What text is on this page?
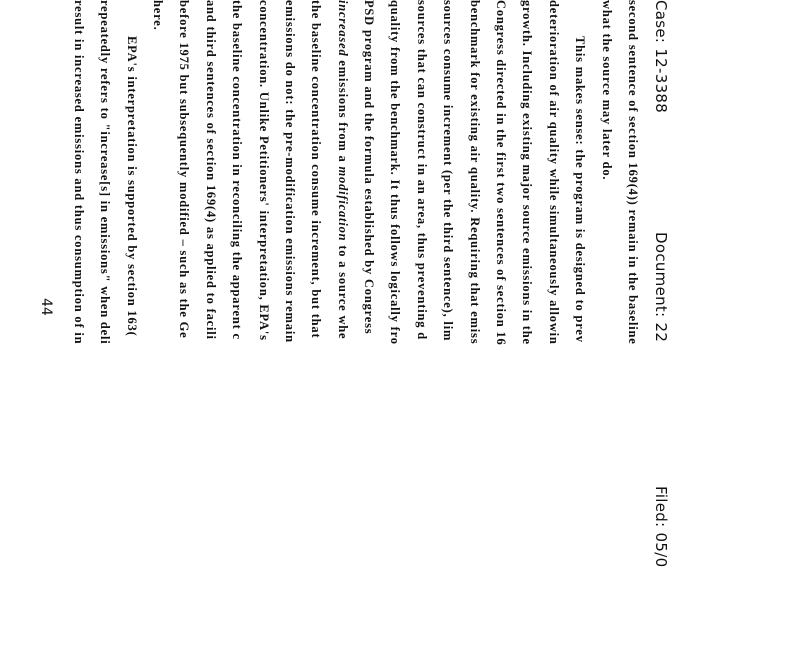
Case: 12-3388
Document: 22
Filed: 05/0
second sentence of section 169(4)) remain in the baseline
what the source may later do.
This makes sense: the program is designed to prev
deterioration of air quality while simultaneously allowin
growth. Including existing major source emissions in the
Congress directed in the first two sentences of section 16
benchmark for existing air quality. Requiring that emiss
sources consume increment (per the third sentence), lim
sources that can construct in an area, thus preventing d
quality from the benchmark. It thus follows logically fro
PSD program and the formula established by Congress
increased emissions from a modification to a source whe
the baseline concentration consume increment, but that
emissions do not: the pre-modification emissions remain
concentration. Unlike Petitioners' interpretation, EPA's
the baseline concentration in reconciling the apparent c
and third sentences of section 169(4) as applied to facili
before 1975 but subsequently modified – such as the Ge
here.
EPA's interpretation is supported by section 163(
repeatedly refers to "increase[s] in emissions" when deli
result in increased emissions and thus consumption of in
44
